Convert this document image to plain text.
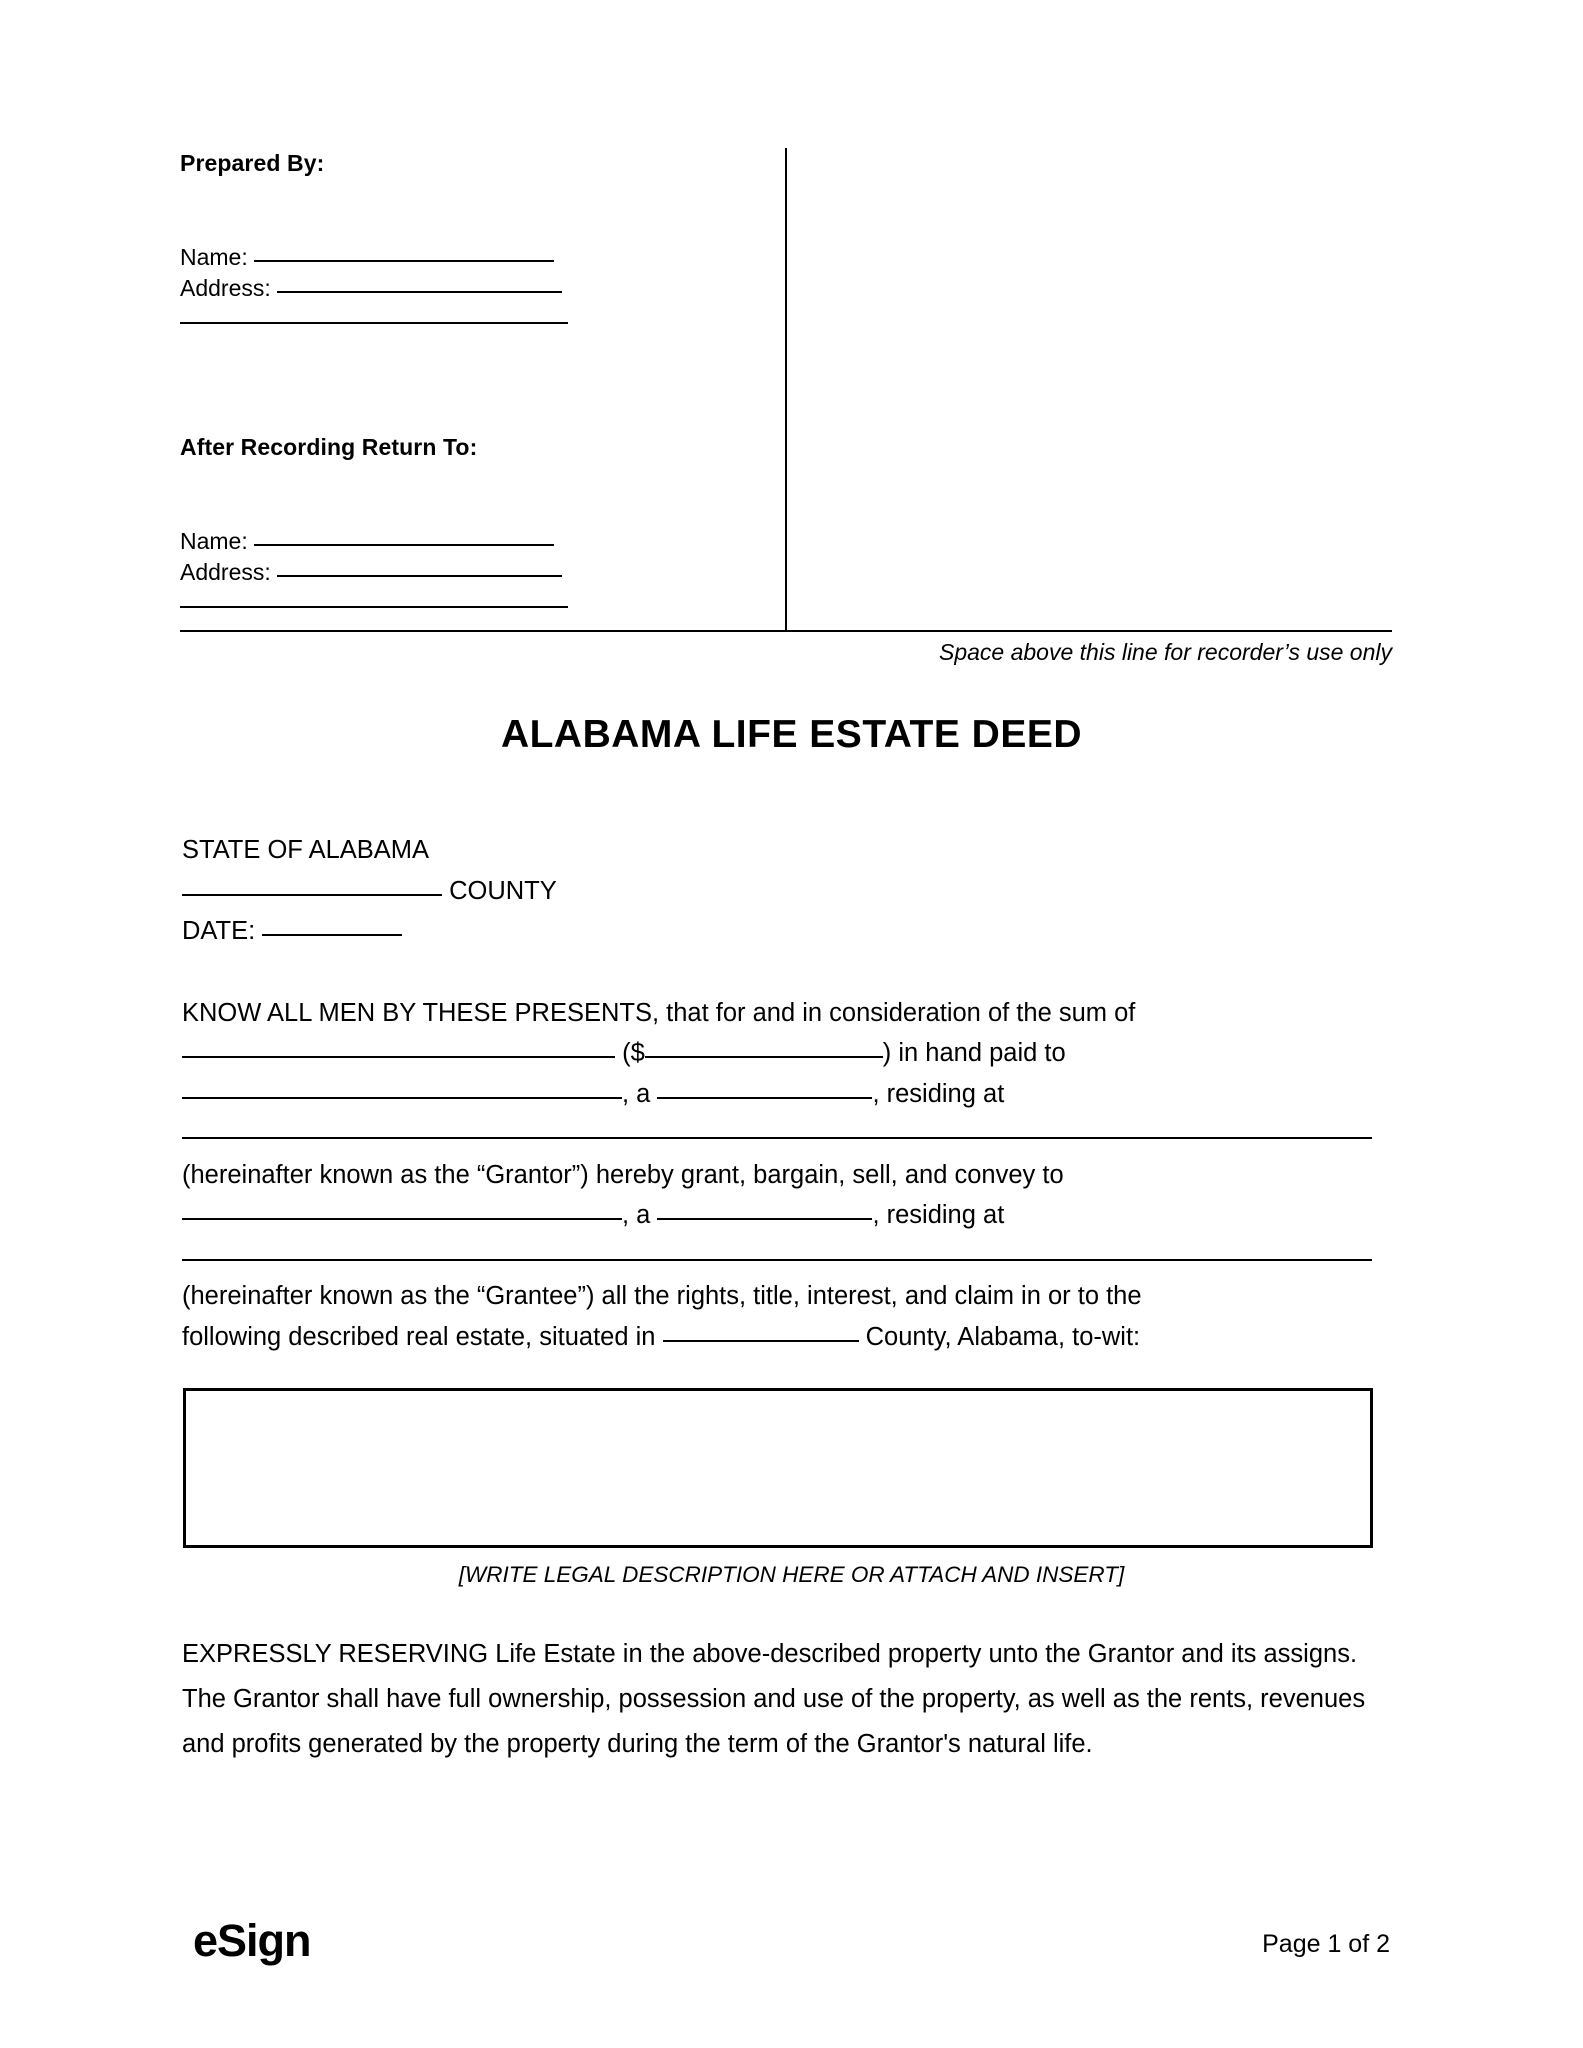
Prepared By:
Name:
Address:
After Recording Return To:
Name:
Address:
Space above this line for recorder’s use only
ALABAMA LIFE ESTATE DEED
STATE OF ALABAMA
COUNTY
DATE:
KNOW ALL MEN BY THESE PRESENTS, that for and in consideration of the sum of
($	) in hand paid to
, a	, residing at
(hereinafter known as the “Grantor”) hereby grant, bargain, sell, and convey to
, a	, residing at
(hereinafter known as the “Grantee”) all the rights, title, interest, and claim in or to the
following described real estate, situated in	County, Alabama, to-wit:
[WRITE LEGAL DESCRIPTION HERE OR ATTACH AND INSERT]
EXPRESSLY RESERVING Life Estate in the above-described property unto the Grantor and its assigns. The Grantor shall have full ownership, possession and use of the property, as well as the rents, revenues and profits generated by the property during the term of the Grantor's natural life.
eSign	Page 1 of 2
